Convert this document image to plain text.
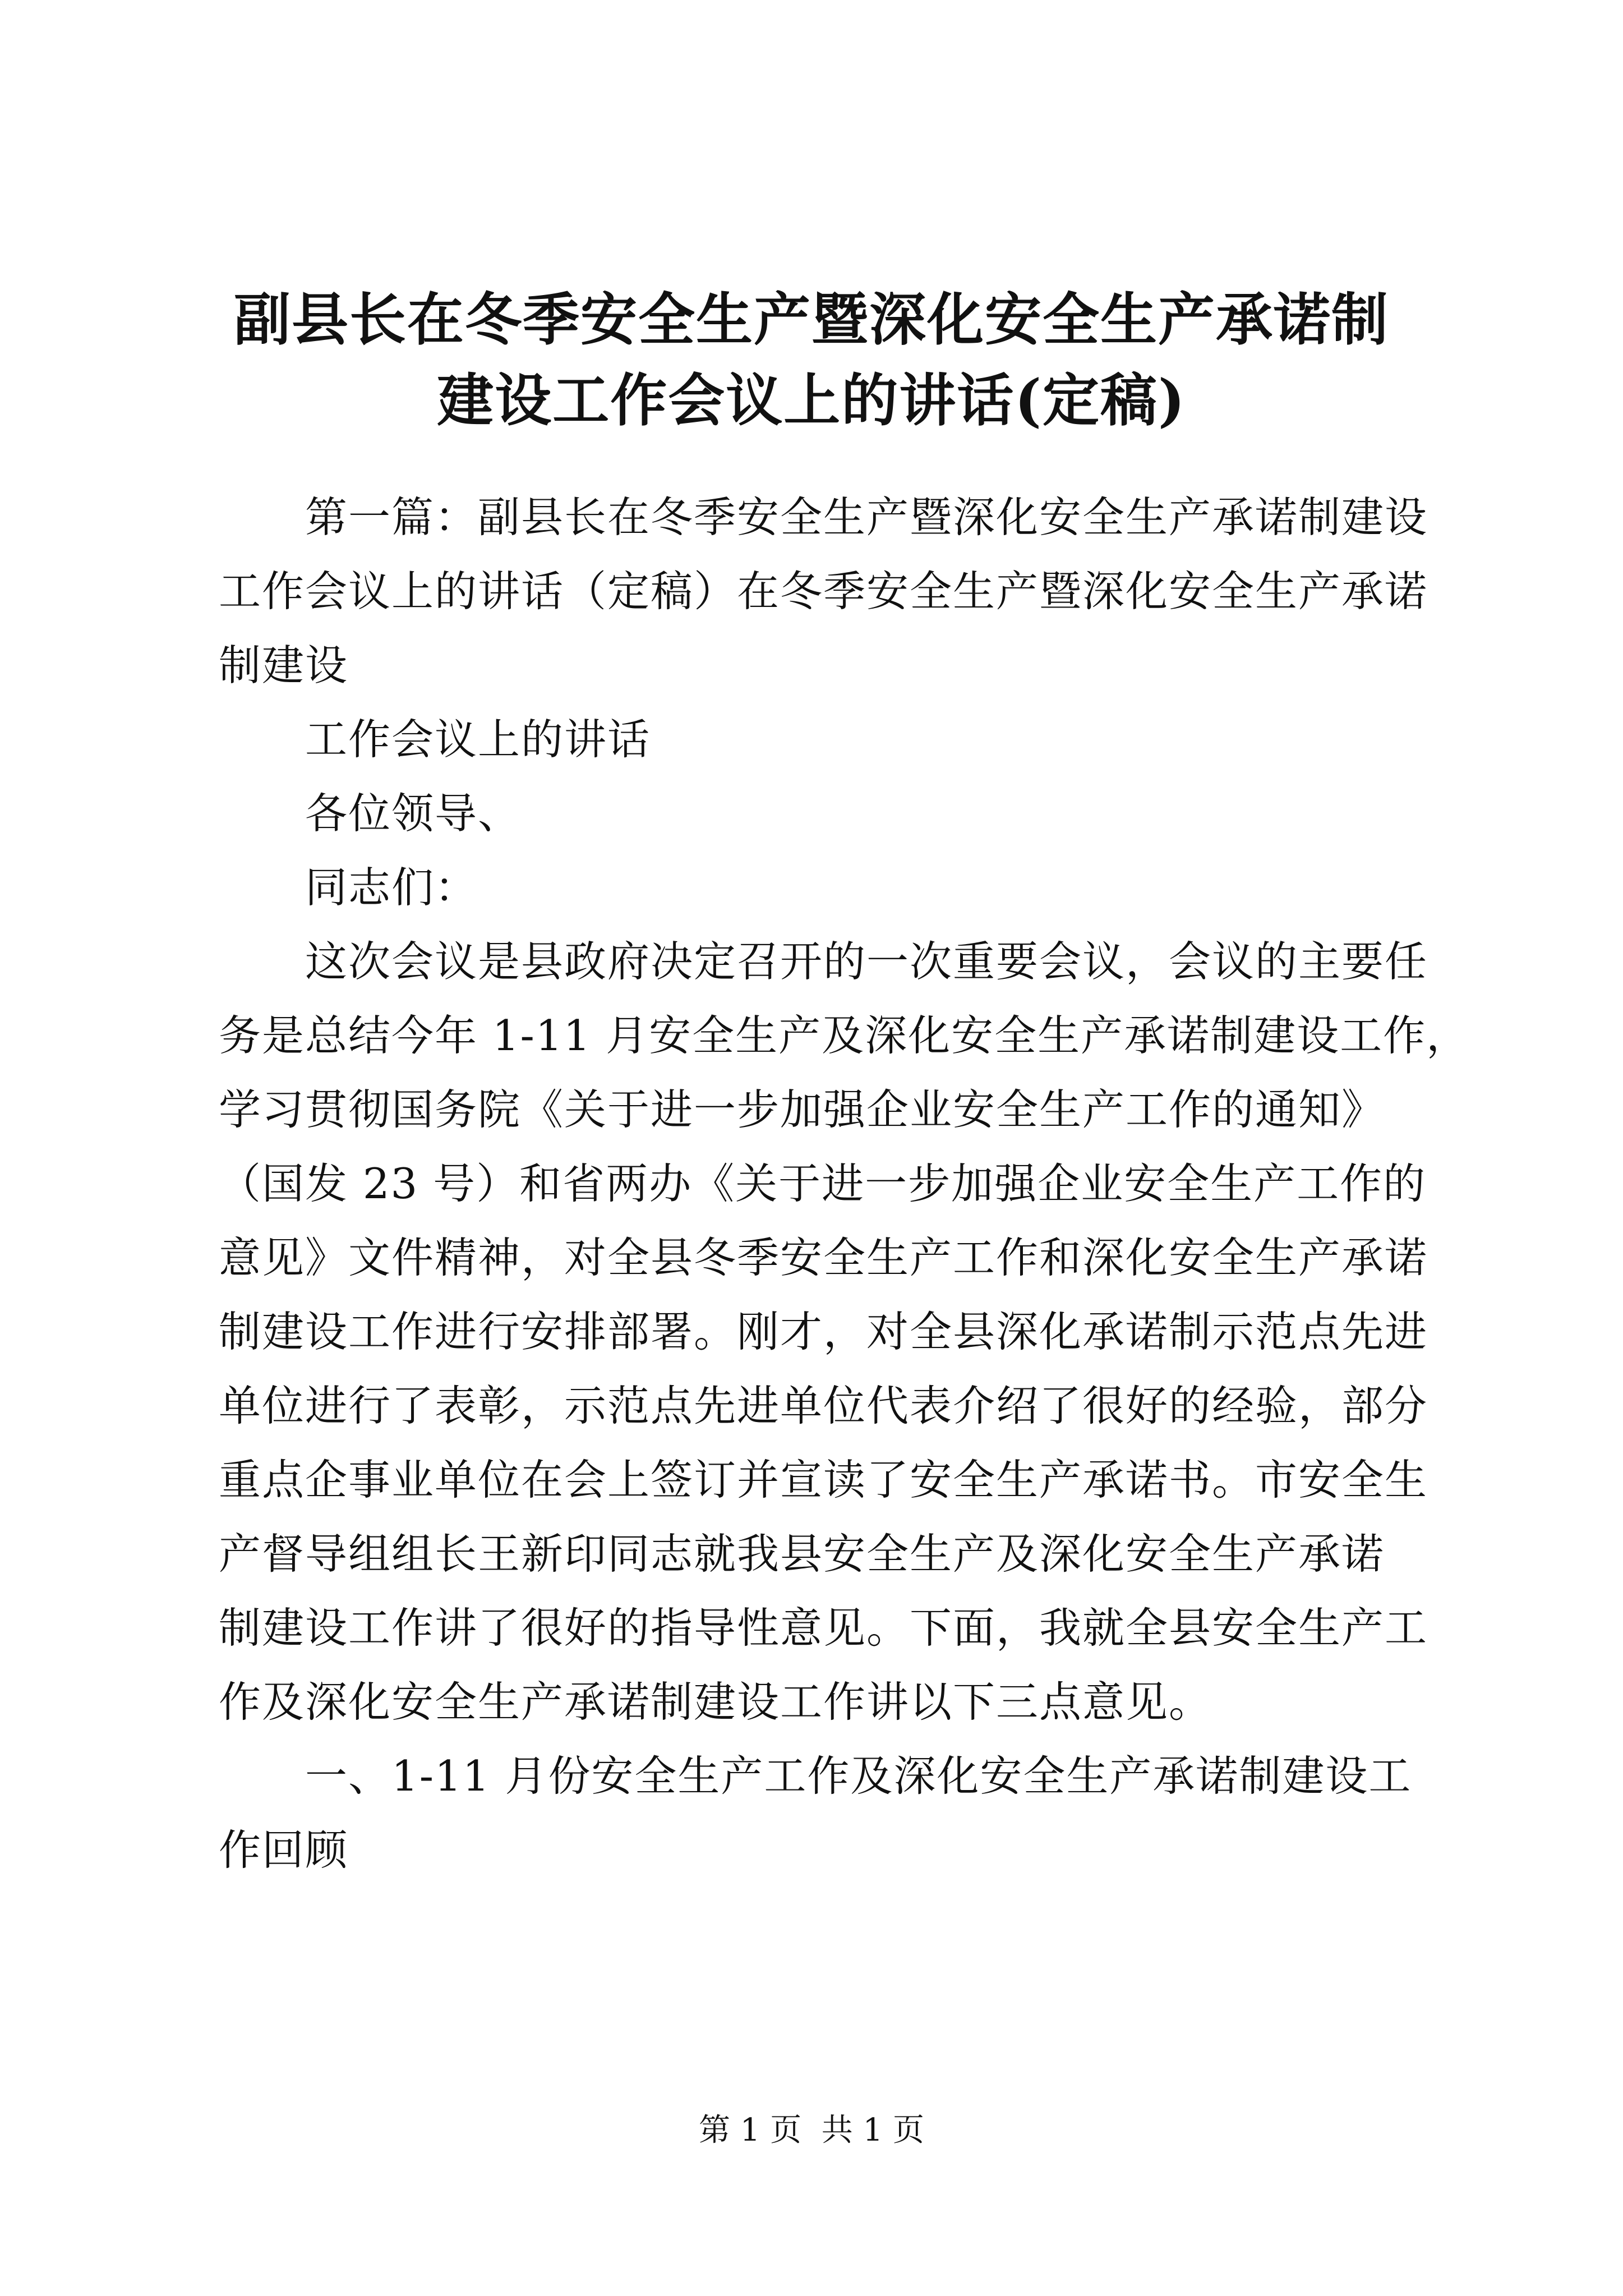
副县长在冬季安全生产暨深化安全生产承诺制
建设工作会议上的讲话(定稿)

第一篇：副县长在冬季安全生产暨深化安全生产承诺制建设
工作会议上的讲话（定稿）在冬季安全生产暨深化安全生产承诺
制建设

工作会议上的讲话

各位领导、

同志们：

这次会议是县政府决定召开的一次重要会议，会议的主要任
务是总结今年 1-11 月安全生产及深化安全生产承诺制建设工作，
学习贯彻国务院《关于进一步加强企业安全生产工作的通知》
（国发 23 号）和省两办《关于进一步加强企业安全生产工作的
意见》文件精神，对全县冬季安全生产工作和深化安全生产承诺
制建设工作进行安排部署。刚才，对全县深化承诺制示范点先进
单位进行了表彰，示范点先进单位代表介绍了很好的经验，部分
重点企事业单位在会上签订并宣读了安全生产承诺书。市安全生
产督导组组长王新印同志就我县安全生产及深化安全生产承诺
制建设工作讲了很好的指导性意见。下面，我就全县安全生产工
作及深化安全生产承诺制建设工作讲以下三点意见。

一、1-11 月份安全生产工作及深化安全生产承诺制建设工
作回顾

第 1 页  共 1 页
